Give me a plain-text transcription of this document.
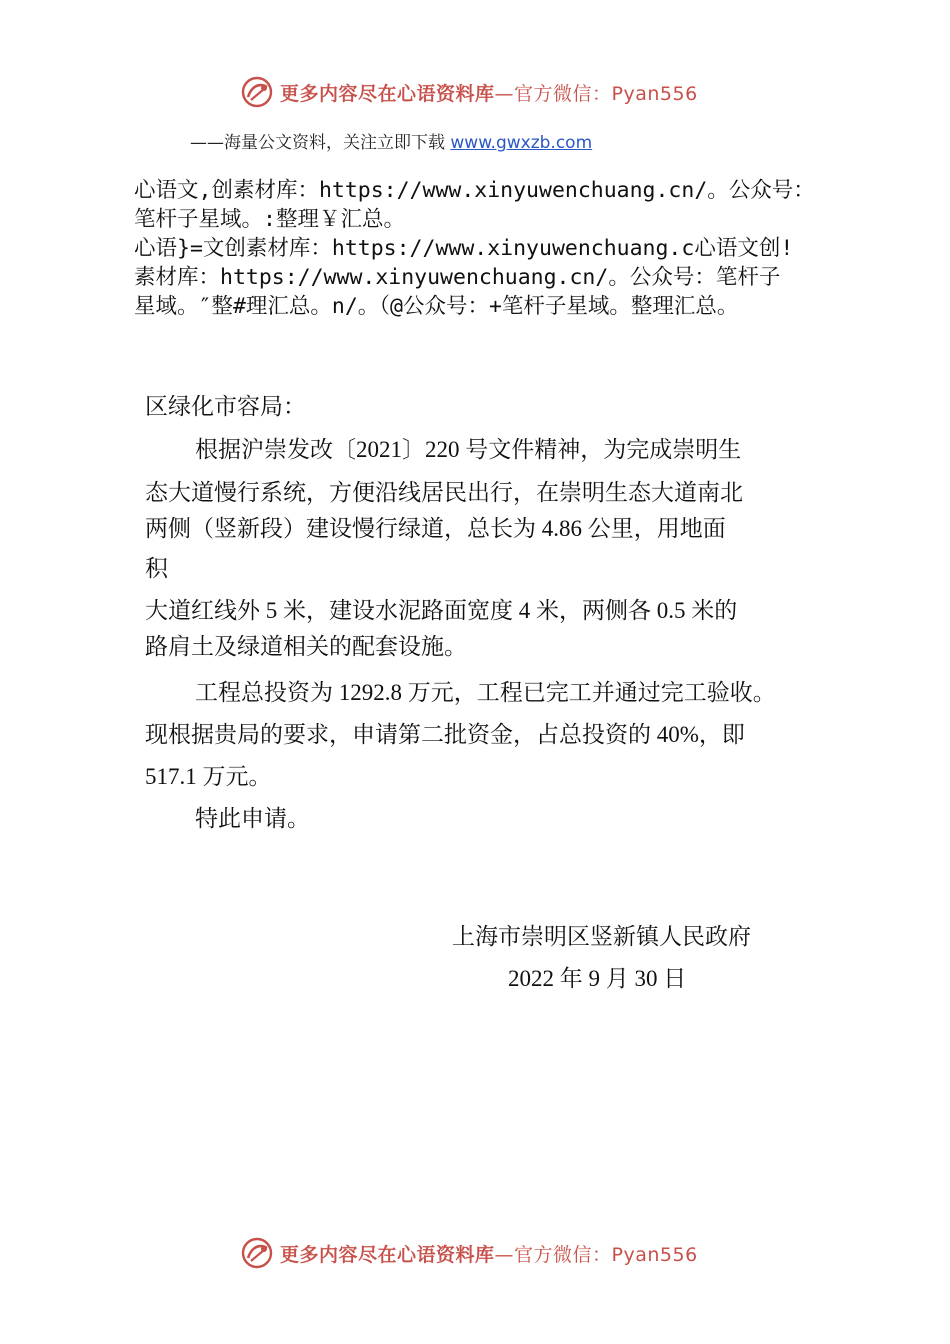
更多内容尽在心语资料库—官方微信：Pyan556
——海量公文资料，关注立即下载 www.gwxzb.com
心语文,创素材库：https://www.xinyuwenchuang.cn/。公众号：
笔杆子星域。:整理￥汇总。
心语}=文创素材库：https://www.xinyuwenchuang.c心语文创!
素材库：https://www.xinyuwenchuang.cn/。公众号：笔杆子
星域。″整#理汇总。n/。（@公众号：+笔杆子星域。整理汇总。
区绿化市容局：
根据沪崇发改〔2021〕220 号文件精神，为完成崇明生
态大道慢行系统，方便沿线居民出行，在崇明生态大道南北
两侧（竖新段）建设慢行绿道，总长为 4.86 公里，用地面
积
大道红线外 5 米，建设水泥路面宽度 4 米，两侧各 0.5 米的
路肩土及绿道相关的配套设施。
工程总投资为 1292.8 万元，工程已完工并通过完工验收。
现根据贵局的要求，申请第二批资金，占总投资的 40%，即
517.1 万元。
特此申请。
上海市崇明区竖新镇人民政府
2022 年 9 月 30 日
更多内容尽在心语资料库—官方微信：Pyan556
